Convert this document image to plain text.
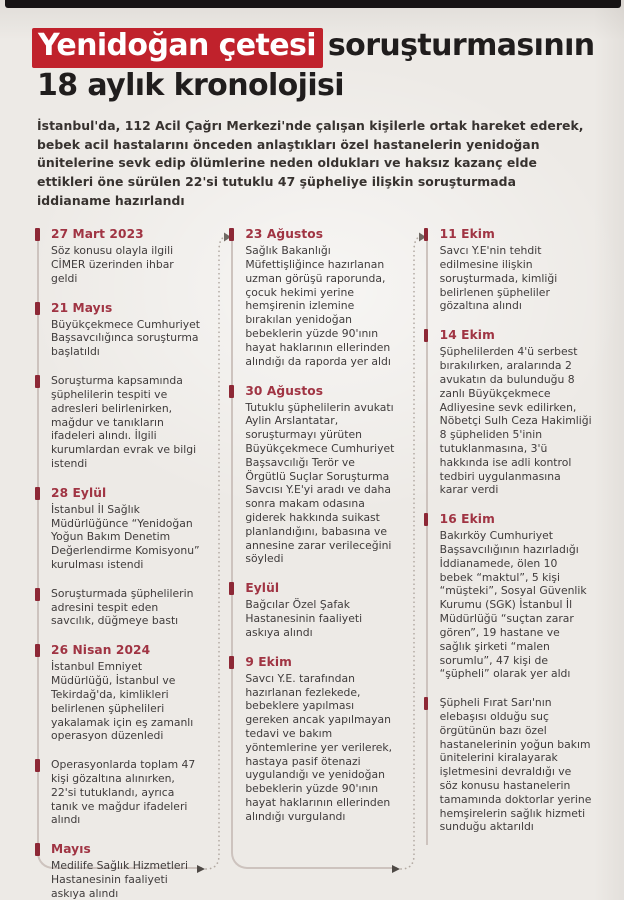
Yenidoğan çetesi soruşturmasının
18 aylık kronolojisi

İstanbul'da, 112 Acil Çağrı Merkezi'nde çalışan kişilerle ortak hareket ederek, bebek acil hastalarını önceden anlaştıkları özel hastanelerin yenidoğan ünitelerine sevk edip ölümlerine neden oldukları ve haksız kazanç elde ettikleri öne sürülen 22'si tutuklu 47 şüpheliye ilişkin soruşturmada iddianame hazırlandı

27 Mart 2023
Söz konusu olayla ilgili CİMER üzerinden ihbar geldi
21 Mayıs
Büyükçekmece Cumhuriyet Başsavcılığınca soruşturma başlatıldı
Soruşturma kapsamında şüphelilerin tespiti ve adresleri belirlenirken, mağdur ve tanıkların ifadeleri alındı. İlgili kurumlardan evrak ve bilgi istendi
28 Eylül
İstanbul İl Sağlık Müdürlüğünce “Yenidoğan Yoğun Bakım Denetim Değerlendirme Komisyonu” kurulması istendi
Soruşturmada şüphelilerin adresini tespit eden savcılık, düğmeye bastı
26 Nisan 2024
İstanbul Emniyet Müdürlüğü, İstanbul ve Tekirdağ'da, kimlikleri belirlenen şüphelileri yakalamak için eş zamanlı operasyon düzenledi
Operasyonlarda toplam 47 kişi gözaltına alınırken, 22'si tutuklandı, ayrıca tanık ve mağdur ifadeleri alındı
Mayıs
Medilife Sağlık Hizmetleri Hastanesinin faaliyeti askıya alındı
23 Ağustos
Sağlık Bakanlığı Müfettişliğince hazırlanan uzman görüşü raporunda, çocuk hekimi yerine hemşirenin izlemine bırakılan yenidoğan bebeklerin yüzde 90'ının hayat haklarının ellerinden alındığı da raporda yer aldı
30 Ağustos
Tutuklu şüphelilerin avukatı Aylin Arslantatar, soruşturmayı yürüten Büyükçekmece Cumhuriyet Başsavcılığı Terör ve Örgütlü Suçlar Soruşturma Savcısı Y.E'yi aradı ve daha sonra makam odasına giderek hakkında suikast planlandığını, babasına ve annesine zarar verileceğini söyledi
Eylül
Bağcılar Özel Şafak Hastanesinin faaliyeti askıya alındı
9 Ekim
Savcı Y.E. tarafından hazırlanan fezlekede, bebeklere yapılması gereken ancak yapılmayan tedavi ve bakım yöntemlerine yer verilerek, hastaya pasif ötenazi uygulandığı ve yenidoğan bebeklerin yüzde 90'ının hayat haklarının ellerinden alındığı vurgulandı
11 Ekim
Savcı Y.E'nin tehdit edilmesine ilişkin soruşturmada, kimliği belirlenen şüpheliler gözaltına alındı
14 Ekim
Şüphelilerden 4'ü serbest bırakılırken, aralarında 2 avukatın da bulunduğu 8 zanlı Büyükçekmece Adliyesine sevk edilirken, Nöbetçi Sulh Ceza Hakimliği 8 şüpheliden 5'inin tutuklanmasına, 3'ü hakkında ise adli kontrol tedbiri uygulanmasına karar verdi
16 Ekim
Bakırköy Cumhuriyet Başsavcılığının hazırladığı İddianamede, ölen 10 bebek “maktul”, 5 kişi “müşteki”, Sosyal Güvenlik Kurumu (SGK) İstanbul İl Müdürlüğü “suçtan zarar gören”, 19 hastane ve sağlık şirketi “malen sorumlu”, 47 kişi de “şüpheli” olarak yer aldı
Şüpheli Fırat Sarı'nın elebaşısı olduğu suç örgütünün bazı özel hastanelerinin yoğun bakım ünitelerini kiralayarak işletmesini devraldığı ve söz konusu hastanelerin tamamında doktorlar yerine hemşirelerin sağlık hizmeti sunduğu aktarıldı
